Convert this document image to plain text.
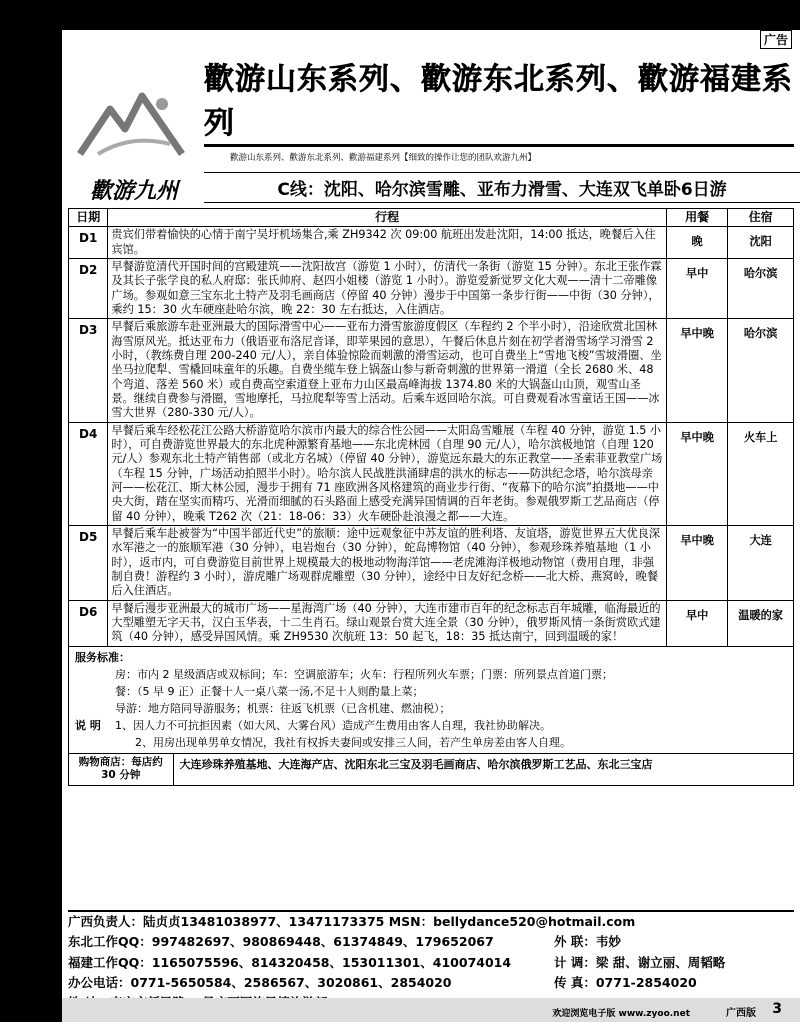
广告
歡游九州
歡游山东系列、歡游东北系列、歡游福建系列
歡游山东系列、歡游东北系列、歡游福建系列【细致的操作让您的团队欢游九州】
C线：沈阳、哈尔滨雪雕、亚布力滑雪、大连双飞单卧6日游
日期	行程	用餐	住宿
D1	贵宾们带着愉快的心情于南宁吴圩机场集合,乘 ZH9342 次 09:00 航班出发赴沈阳，14:00 抵达，晚餐后入住宾馆。	晚	沈阳
D2	早餐游览清代开国时间的宫殿建筑——沈阳故宫（游览 1 小时），仿清代一条街（游览 15 分钟）。东北王张作霖及其长子张学良的私人府邸：张氏帅府、赵四小姐楼（游览 1 小时）。游览爱新觉罗文化大观——清十二帝雕像广场。参观如意三宝东北土特产及羽毛画商店（停留 40 分钟）漫步于中国第一条步行街——中街（30 分钟），乘约 15：30 火车硬座赴哈尔滨，晚 22：30 左右抵达，入住酒店。	早中	哈尔滨
D3	早餐后乘旅游车赴亚洲最大的国际滑雪中心——亚布力滑雪旅游度假区（车程约 2 个半小时），沿途欣赏北国林海雪原风光。抵达亚布力（俄语亚布洛尼音译，即苹果园的意思），午餐后休息片刻在初学者滑雪场学习滑雪 2 小时，（教练费自理 200-240 元/人），亲自体验惊险而刺激的滑雪运动，也可自费坐上“雪地飞梭”雪坡滑圈、坐坐马拉爬犁、雪橇回味童年的乐趣。自费坐缆车登上锅盔山参与新奇刺激的世界第一滑道（全长 2680 米、48 个弯道、落差 560 米）或自费高空索道登上亚布力山区最高峰海拔 1374.80 米的大锅盔山山顶，观雪山圣景。继续自费参与滑圈，雪地摩托，马拉爬犁等雪上活动。后乘车返回哈尔滨。可自费观看冰雪童话王国——冰雪大世界（280-330 元/人）。	早中晚	哈尔滨
D4	早餐后乘车经松花江公路大桥游览哈尔滨市内最大的综合性公园——太阳岛雪雕展（车程 40 分钟，游览 1.5 小时），可自费游览世界最大的东北虎种源繁育基地——东北虎林园（自理 90 元/人），哈尔滨极地馆（自理 120 元/人）参观东北土特产销售部（或北方名城）（停留 40 分钟），游览远东最大的东正教堂——圣索菲亚教堂广场（车程 15 分钟，广场活动拍照半小时）。哈尔滨人民战胜洪涌肆虐的洪水的标志——防洪纪念塔，哈尔滨母亲河——松花江、斯大林公园，漫步于拥有 71 座欧洲各风格建筑的商业步行街、“夜幕下的哈尔滨”拍摄地——中央大街，踏在坚实而精巧、光滑而细腻的石头路面上感受充满异国情调的百年老街。参观俄罗斯工艺品商店（停留 40 分钟），晚乘 T262 次（21：18-06：33）火车硬卧赴浪漫之都——大连。	早中晚	火车上
D5	早餐后乘车赴被誉为“中国半部近代史”的旅顺：途中远观象征中苏友谊的胜利塔、友谊塔，游览世界五大优良深水军港之一的旅顺军港（30 分钟），电岩炮台（30 分钟），蛇岛博物馆（40 分钟），参观珍珠养殖基地（1 小时），返市内，可自费游览目前世界上规模最大的极地动物海洋馆——老虎滩海洋极地动物馆（费用自理，非强制自费！游程约 3 小时），游虎雕广场观群虎雕塑（30 分钟），途经中日友好纪念桥——北大桥、燕窝岭，晚餐后入住酒店。	早中晚	大连
D6	早餐后漫步亚洲最大的城市广场——星海湾广场（40 分钟），大连市建市百年的纪念标志百年城雕，临海最近的大型雕塑无字天书，汉白玉华表，十二生肖石。绿山观景台赏大连全景（30 分钟），俄罗斯风情一条街赏欧式建筑（40 分钟），感受异国风情。乘 ZH9530 次航班 13：50 起飞，18：35 抵达南宁，回到温暖的家！	早中	温暖的家

服务标准：
房：市内 2 星级酒店或双标间；车：空调旅游车；火车：行程所列火车票；门票：所列景点首道门票；
餐：（5 早 9 正）正餐十人一桌八菜一汤,不足十人则酌量上菜；
导游：地方陪同导游服务；机票：往返飞机票（已含机建、燃油税）；
说 明	1、因人力不可抗拒因素（如大风、大雾台风）造成产生费用由客人自理，我社协助解决。
2、用房出现单男单女情况，我社有权拆夫妻间或安排三人间，若产生单房差由客人自理。

购物商店：每店约 30 分钟	大连珍珠养殖基地、大连海产店、沈阳东北三宝及羽毛画商店、哈尔滨俄罗斯工艺品、东北三宝店
广西负责人：陆贞贞13481038977、13471173375 MSN：bellydance520@hotmail.com
东北工作QQ：997482697、980869448、61374849、179652067	外 联：韦妙
福建工作QQ：1165075596、814320458、153011301、410074014	计 调：梁 甜、谢立丽、周韬略
办公电话：0771-5650584、2586567、3020861、2854020	传 真：0771-2854020
欢迎浏览电子版 www.zyoo.net	广西版 3
